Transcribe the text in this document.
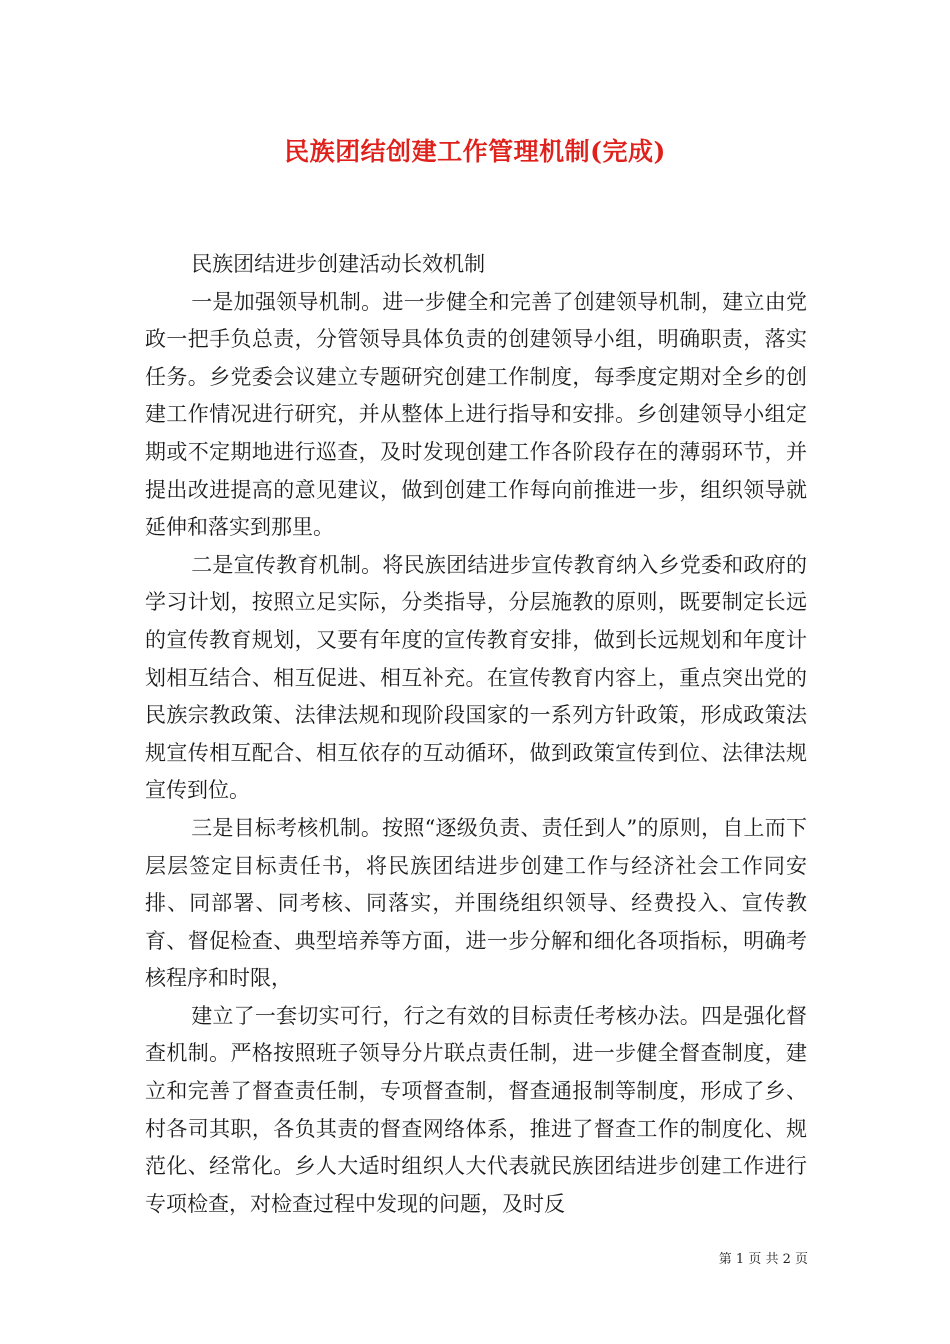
民族团结创建工作管理机制(完成)

民族团结进步创建活动长效机制

一是加强领导机制。进一步健全和完善了创建领导机制，建立由党政一把手负总责，分管领导具体负责的创建领导小组，明确职责，落实任务。乡党委会议建立专题研究创建工作制度，每季度定期对全乡的创建工作情况进行研究，并从整体上进行指导和安排。乡创建领导小组定期或不定期地进行巡查，及时发现创建工作各阶段存在的薄弱环节，并提出改进提高的意见建议，做到创建工作每向前推进一步，组织领导就延伸和落实到那里。

二是宣传教育机制。将民族团结进步宣传教育纳入乡党委和政府的学习计划，按照立足实际，分类指导，分层施教的原则，既要制定长远的宣传教育规划，又要有年度的宣传教育安排，做到长远规划和年度计划相互结合、相互促进、相互补充。在宣传教育内容上，重点突出党的民族宗教政策、法律法规和现阶段国家的一系列方针政策，形成政策法规宣传相互配合、相互依存的互动循环，做到政策宣传到位、法律法规宣传到位。

三是目标考核机制。按照“逐级负责、责任到人”的原则，自上而下层层签定目标责任书，将民族团结进步创建工作与经济社会工作同安排、同部署、同考核、同落实，并围绕组织领导、经费投入、宣传教育、督促检查、典型培养等方面，进一步分解和细化各项指标，明确考核程序和时限，

建立了一套切实可行，行之有效的目标责任考核办法。四是强化督查机制。严格按照班子领导分片联点责任制，进一步健全督查制度，建立和完善了督查责任制，专项督查制，督查通报制等制度，形成了乡、村各司其职，各负其责的督查网络体系，推进了督查工作的制度化、规范化、经常化。乡人大适时组织人大代表就民族团结进步创建工作进行专项检查，对检查过程中发现的问题，及时反

第 1 页 共 2 页
